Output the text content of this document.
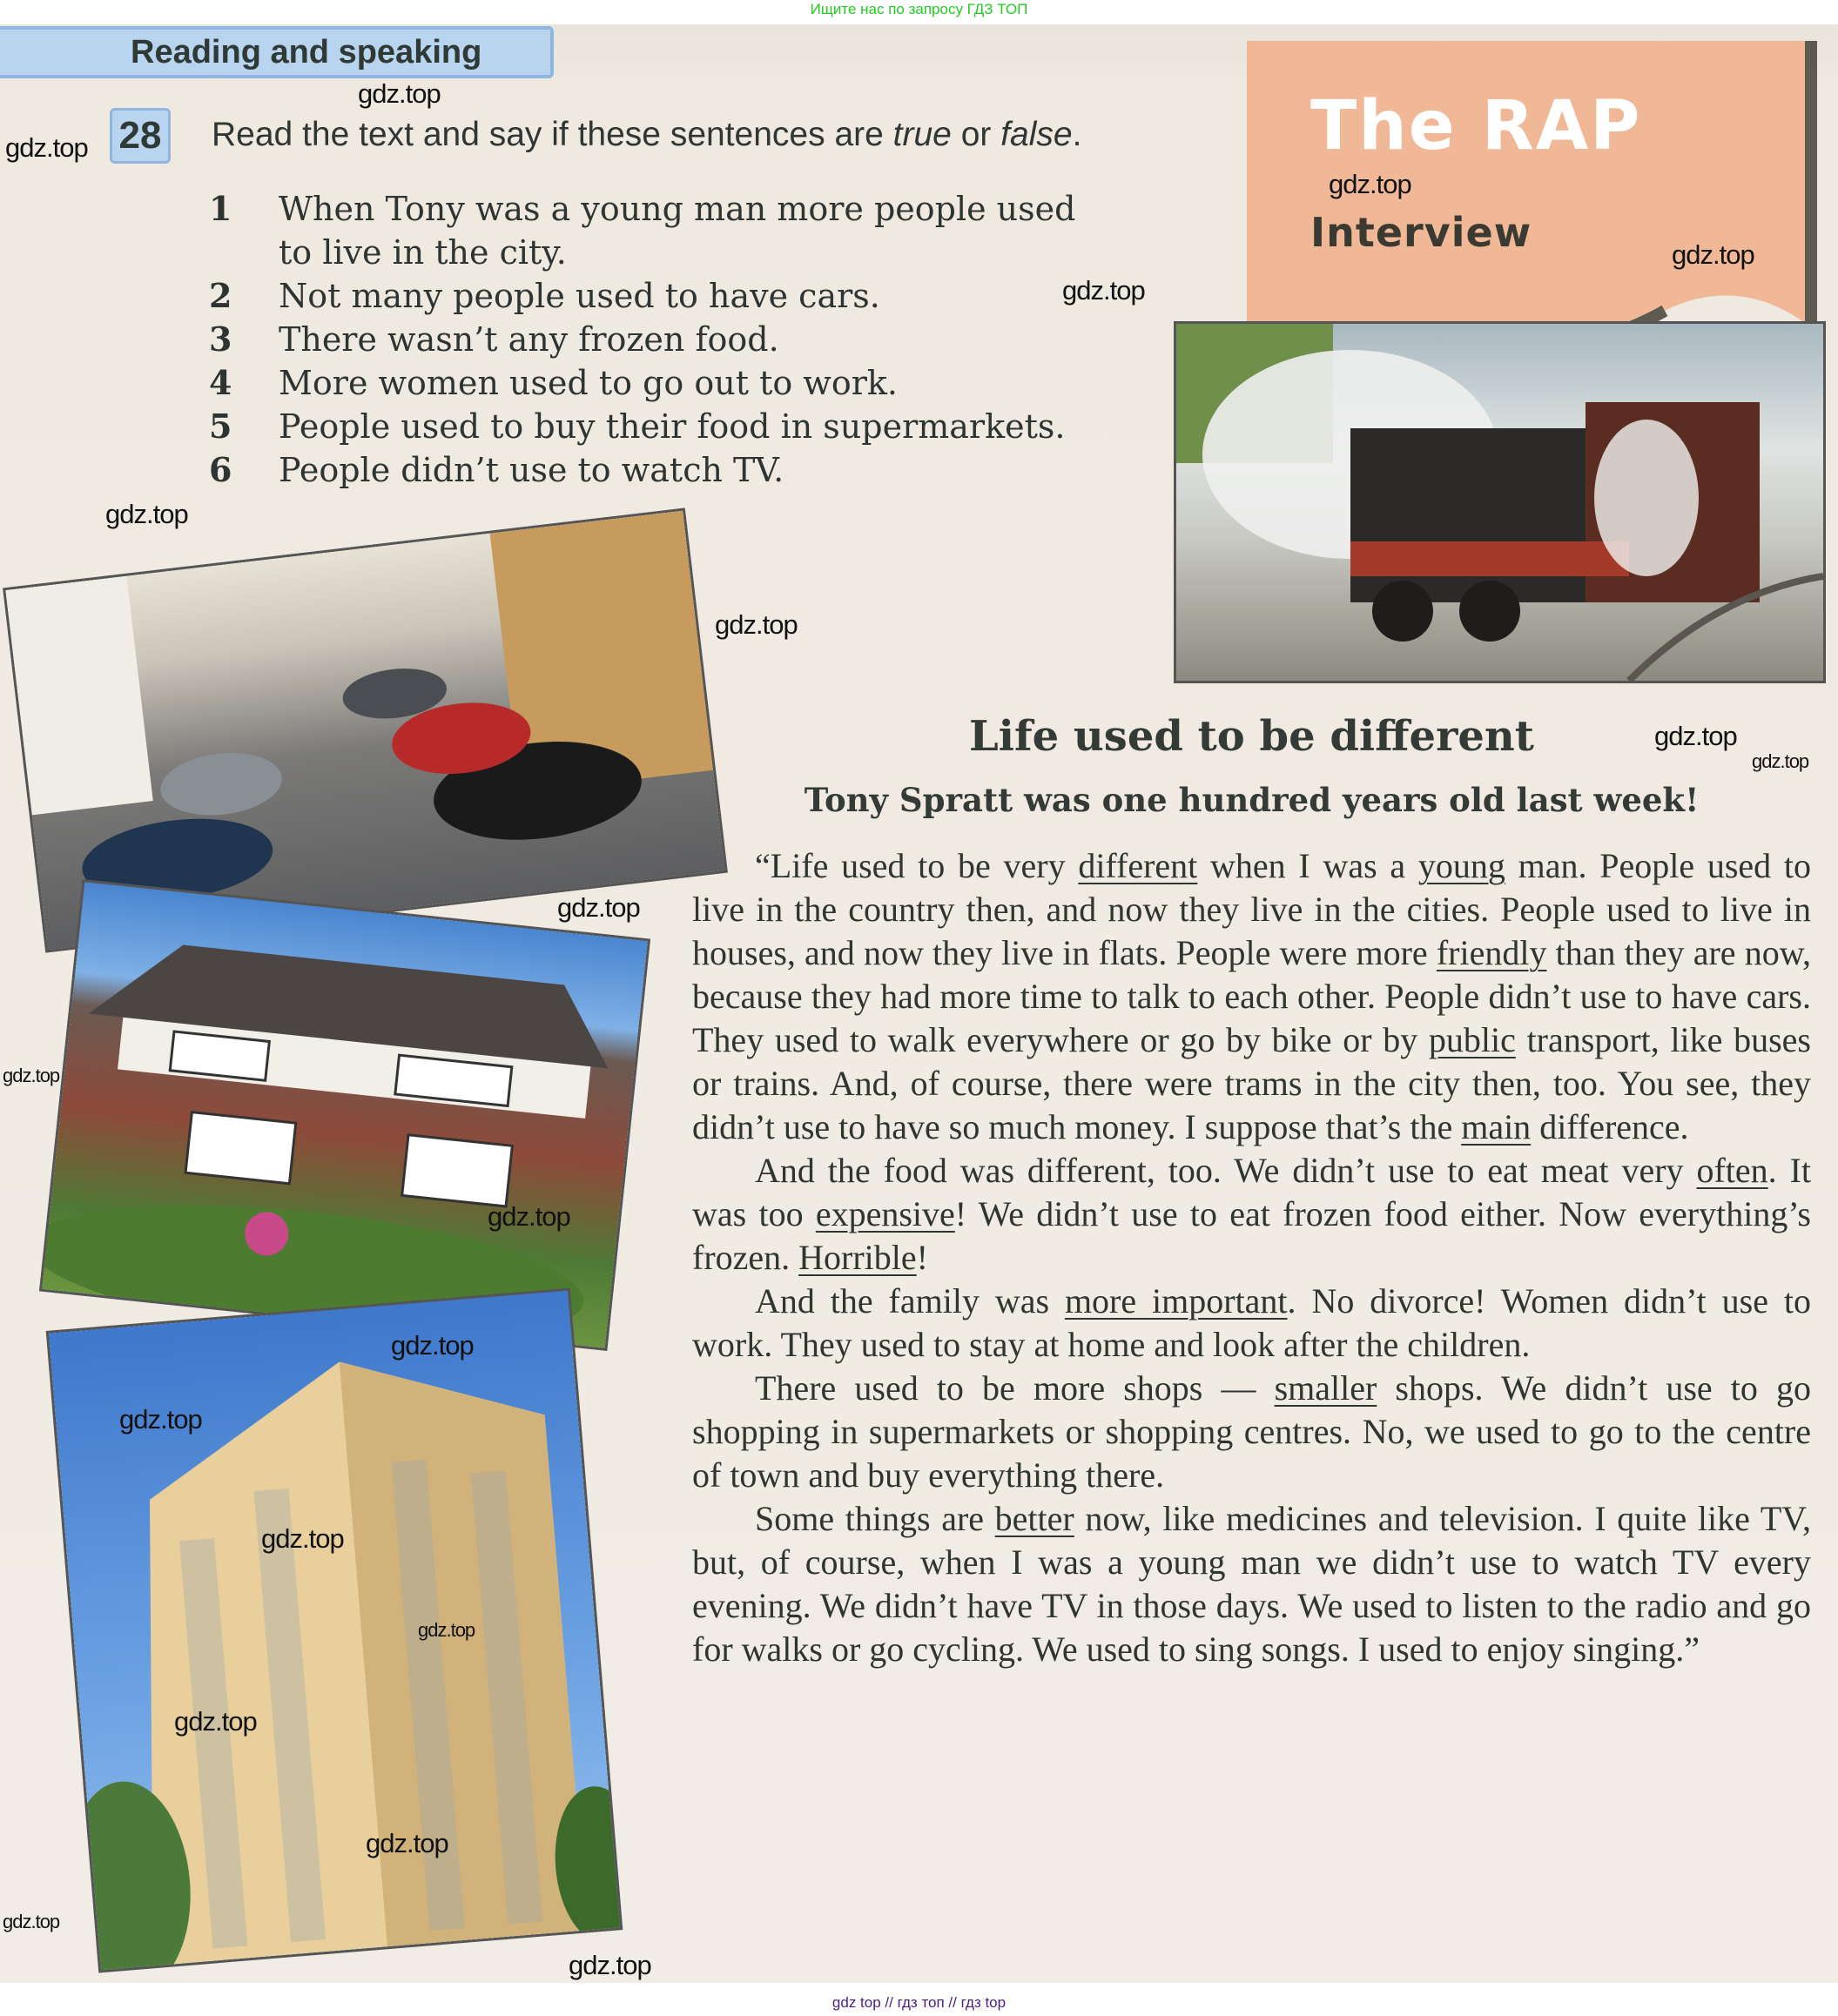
Ищите нас по запросу ГДЗ ТОП
Reading and speaking
28 Read the text and say if these sentences are true or false.
1	When Tony was a young man more people used to live in the city.
2	Not many people used to have cars.
3	There wasn’t any frozen food.
4	More women used to go out to work.
5	People used to buy their food in supermarkets.
6	People didn’t use to watch TV.
The RAP
Interview
Life used to be different
Tony Spratt was one hundred years old last week!

“Life used to be very different when I was a young man. People used to live in the country then, and now they live in the cities. People used to live in houses, and now they live in flats. People were more friendly than they are now, because they had more time to talk to each other. People didn’t use to have cars. They used to walk everywhere or go by bike or by public transport, like buses or trains. And, of course, there were trams in the city then, too. You see, they didn’t use to have so much money. I suppose that’s the main difference.

And the food was different, too. We didn’t use to eat meat very often. It was too expensive! We didn’t use to eat frozen food either. Now everything’s frozen. Horrible!

And the family was more important. No divorce! Women didn’t use to work. They used to stay at home and look after the children.

There used to be more shops — smaller shops. We didn’t use to go shopping in supermarkets or shopping centres. No, we used to go to the centre of town and buy everything there.

Some things are better now, like medicines and television. I quite like TV, but, of course, when I was a young man we didn’t use to watch TV every evening. We didn’t have TV in those days. We used to listen to the radio and go for walks or go cycling. We used to sing songs. I used to enjoy singing.”

gdz.top
gdz.top
gdz.top
gdz.top
gdz.top
gdz.top
gdz.top
gdz.top
gdz.top
gdz.top
gdz.top
gdz.top
gdz.top
gdz.top
gdz.top
gdz.top
gdz.top
gdz.top
gdz.top
gdz.top
gdz top // гдз топ // гдз top
